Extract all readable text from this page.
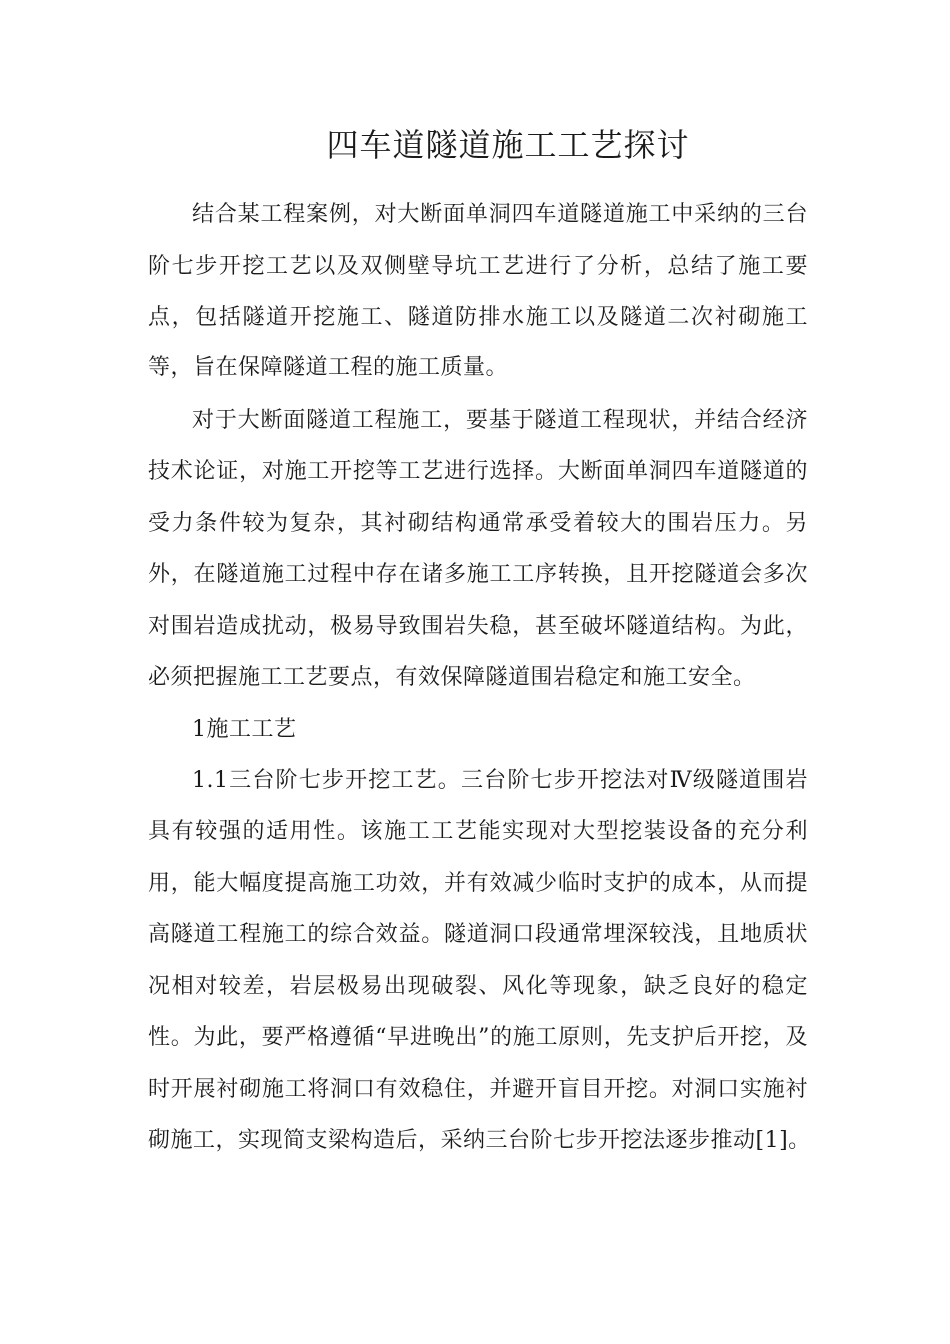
四车道隧道施工工艺探讨
结合某工程案例，对大断面单洞四车道隧道施工中采纳的三台
阶七步开挖工艺以及双侧壁导坑工艺进行了分析，总结了施工要
点，包括隧道开挖施工、隧道防排水施工以及隧道二次衬砌施工
等，旨在保障隧道工程的施工质量。
对于大断面隧道工程施工，要基于隧道工程现状，并结合经济
技术论证，对施工开挖等工艺进行选择。大断面单洞四车道隧道的
受力条件较为复杂，其衬砌结构通常承受着较大的围岩压力。另
外，在隧道施工过程中存在诸多施工工序转换，且开挖隧道会多次
对围岩造成扰动，极易导致围岩失稳，甚至破坏隧道结构。为此，
必须把握施工工艺要点，有效保障隧道围岩稳定和施工安全。
1施工工艺
1.1三台阶七步开挖工艺。三台阶七步开挖法对Ⅳ级隧道围岩
具有较强的适用性。该施工工艺能实现对大型挖装设备的充分利
用，能大幅度提高施工功效，并有效减少临时支护的成本，从而提
高隧道工程施工的综合效益。隧道洞口段通常埋深较浅，且地质状
况相对较差，岩层极易出现破裂、风化等现象，缺乏良好的稳定
性。为此，要严格遵循“早进晚出”的施工原则，先支护后开挖，及
时开展衬砌施工将洞口有效稳住，并避开盲目开挖。对洞口实施衬
砌施工，实现简支梁构造后，采纳三台阶七步开挖法逐步推动[1]。
